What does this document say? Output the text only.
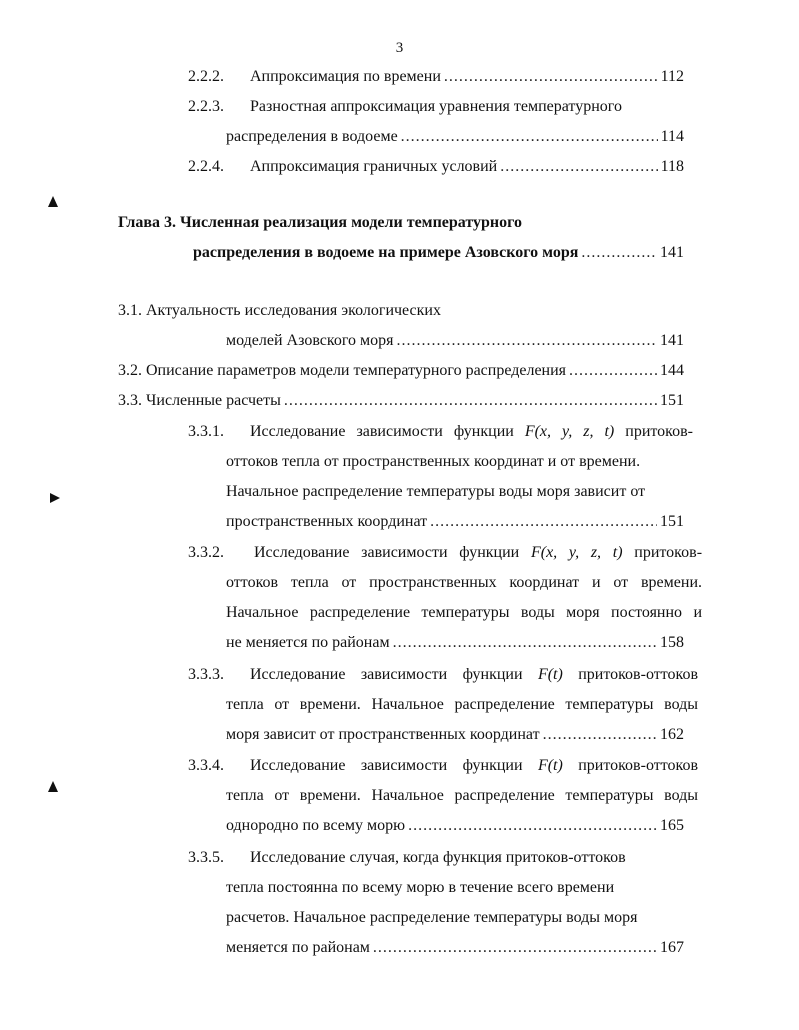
3
2.2.2. Аппроксимация по времени .....	112
2.2.3. Разностная аппроксимация уравнения температурного
распределения в водоеме .....	114
2.2.4. Аппроксимация граничных условий .....	118
Глава 3. Численная реализация модели температурного
распределения в водоеме на примере Азовского моря .....	141
3.1. Актуальность исследования экологических
моделей Азовского моря .....	141
3.2. Описание параметров модели температурного распределения .....	144
3.3. Численные расчеты .....	151
3.3.1. Исследование зависимости функции F(x, y, z, t) притоков-
оттоков тепла от пространственных координат и от времени.
Начальное распределение температуры воды моря зависит от
пространственных координат .....	151
3.3.2. Исследование зависимости функции F(x, y, z, t) притоков-
оттоков тепла от пространственных координат и от времени.
Начальное распределение температуры воды моря постоянно и
не меняется по районам .....	158
3.3.3. Исследование зависимости функции F(t) притоков-оттоков
тепла от времени. Начальное распределение температуры воды
моря зависит от пространственных координат .....	162
3.3.4. Исследование зависимости функции F(t) притоков-оттоков
тепла от времени. Начальное распределение температуры воды
однородно по всему морю .....	165
3.3.5. Исследование случая, когда функция притоков-оттоков
тепла постоянна по всему морю в течение всего времени
расчетов. Начальное распределение температуры воды моря
меняется по районам .....	167
